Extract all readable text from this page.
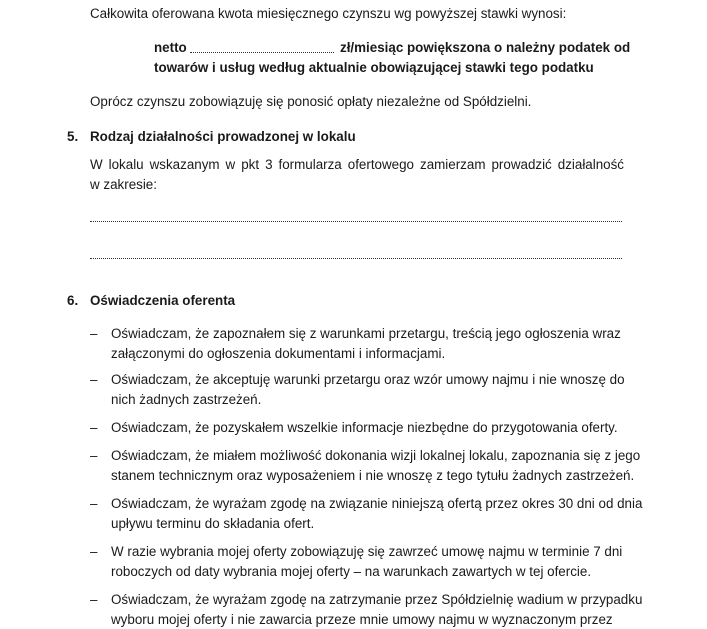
Całkowita oferowana kwota miesięcznego czynszu wg powyższej stawki wynosi:
netto	zł/miesiąc powiększona o należny podatek od
towarów i usług według aktualnie obowiązującej stawki tego podatku
Oprócz czynszu zobowiązuję się ponosić opłaty niezależne od Spółdzielni.
5. Rodzaj działalności prowadzonej w lokalu
W lokalu wskazanym w pkt 3 formularza ofertowego zamierzam prowadzić działalność
w zakresie:
6. Oświadczenia oferenta
– Oświadczam, że zapoznałem się z warunkami przetargu, treścią jego ogłoszenia wraz
załączonymi do ogłoszenia dokumentami i informacjami.
– Oświadczam, że akceptuję warunki przetargu oraz wzór umowy najmu i nie wnoszę do
nich żadnych zastrzeżeń.
– Oświadczam, że pozyskałem wszelkie informacje niezbędne do przygotowania oferty.
– Oświadczam, że miałem możliwość dokonania wizji lokalnej lokalu, zapoznania się z jego
stanem technicznym oraz wyposażeniem i nie wnoszę z tego tytułu żadnych zastrzeżeń.
– Oświadczam, że wyrażam zgodę na związanie niniejszą ofertą przez okres 30 dni od dnia
upływu terminu do składania ofert.
– W razie wybrania mojej oferty zobowiązuję się zawrzeć umowę najmu w terminie 7 dni
roboczych od daty wybrania mojej oferty – na warunkach zawartych w tej ofercie.
– Oświadczam, że wyrażam zgodę na zatrzymanie przez Spółdzielnię wadium w przypadku
wyboru mojej oferty i nie zawarcia przeze mnie umowy najmu w wyznaczonym przez
